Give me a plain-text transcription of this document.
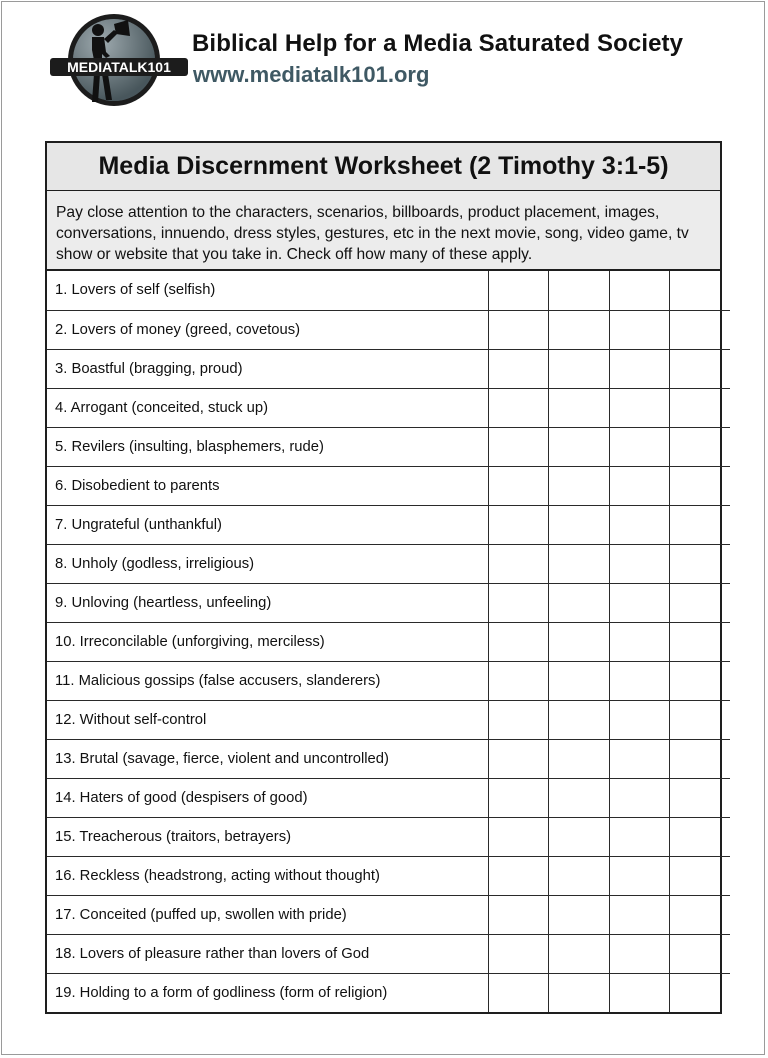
MEDIATALK101
Biblical Help for a Media Saturated Society
www.mediatalk101.org
Media Discernment Worksheet (2 Timothy 3:1-5)
Pay close attention to the characters, scenarios, billboards, product placement, images, conversations, innuendo, dress styles, gestures, etc in the next movie, song, video game, tv show or website that you take in. Check off how many of these apply.
1. Lovers of self (selfish)				
2. Lovers of money (greed, covetous)				
3. Boastful (bragging, proud)				
4. Arrogant (conceited, stuck up)				
5. Revilers (insulting, blasphemers, rude)				
6. Disobedient to parents				
7. Ungrateful (unthankful)				
8. Unholy (godless, irreligious)				
9. Unloving (heartless, unfeeling)				
10. Irreconcilable (unforgiving, merciless)				
11. Malicious gossips (false accusers, slanderers)				
12. Without self-control				
13. Brutal (savage, fierce, violent and uncontrolled)				
14. Haters of good (despisers of good)				
15. Treacherous (traitors, betrayers)				
16. Reckless (headstrong, acting without thought)				
17. Conceited (puffed up, swollen with pride)				
18. Lovers of pleasure rather than lovers of God				
19. Holding to a form of godliness (form of religion)				
